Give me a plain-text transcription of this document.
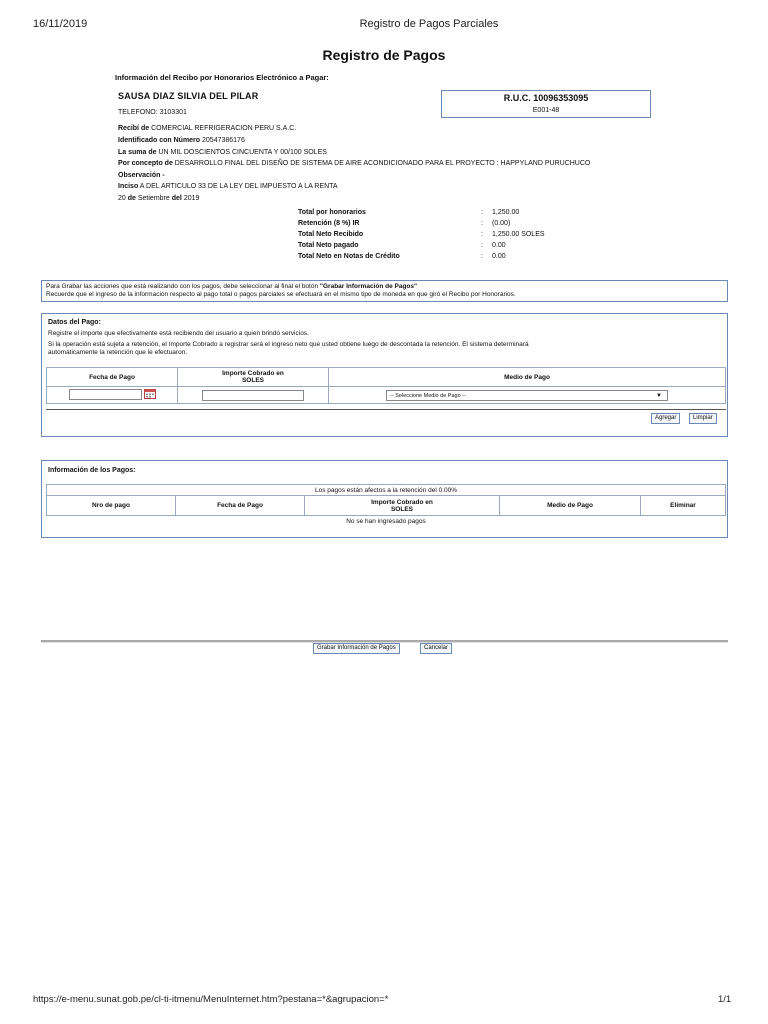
16/11/2019	Registro de Pagos Parciales
Registro de Pagos
Información del Recibo por Honorarios Electrónico a Pagar:
SAUSA DIAZ SILVIA DEL PILAR	R.U.C. 10096353095
E001-48
TELEFONO: 3103301
Recibí de COMERCIAL REFRIGERACION PERU S.A.C.
Identificado con Número 20547386176
La suma de UN MIL DOSCIENTOS CINCUENTA Y 00/100 SOLES
Por concepto de DESARROLLO FINAL DEL DISEÑO DE SISTEMA DE AIRE ACONDICIONADO PARA EL PROYECTO : HAPPYLAND PURUCHUCO
Observación -
Inciso A DEL ARTICULO 33 DE LA LEY DEL IMPUESTO A LA RENTA
20 de Setiembre del 2019
Total por honorarios	: 1,250.00
Retención (8 %) IR	: (0.00)
Total Neto Recibido	: 1,250.00 SOLES
Total Neto pagado	: 0.00
Total Neto en Notas de Crédito	: 0.00
Para Grabar las acciones que está realizando con los pagos, debe seleccionar al final el botón "Grabar Información de Pagos"
Recuerde que el ingreso de la información respecto al pago total o pagos parciales se efectuará en el mismo tipo de moneda en que giró el Recibo por Honorarios.
Datos del Pago:
Registre el importe que efectivamente está recibiendo del usuario a quien brindó servicios.
Si la operación está sujeta a retención, el Importe Cobrado a registrar será el ingreso neto que usted obtiene luego de descontada la retención. El sistema determinará
automáticamente la retención que le efectuaron.
Fecha de Pago	Importe Cobrado en
SOLES	Medio de Pago

-- Seleccione Medio de Pago -- ▼
Agregar	Limpiar
Información de los Pagos:
Los pagos están afectos a la retención del 0.00%
Nro de pago	Fecha de Pago	Importe Cobrado en
SOLES	Medio de Pago	Eliminar
No se han ingresado pagos
Grabar Información de Pagos	Cancelar
https://e-menu.sunat.gob.pe/cl-ti-itmenu/MenuInternet.htm?pestana=*&agrupacion=*	1/1
